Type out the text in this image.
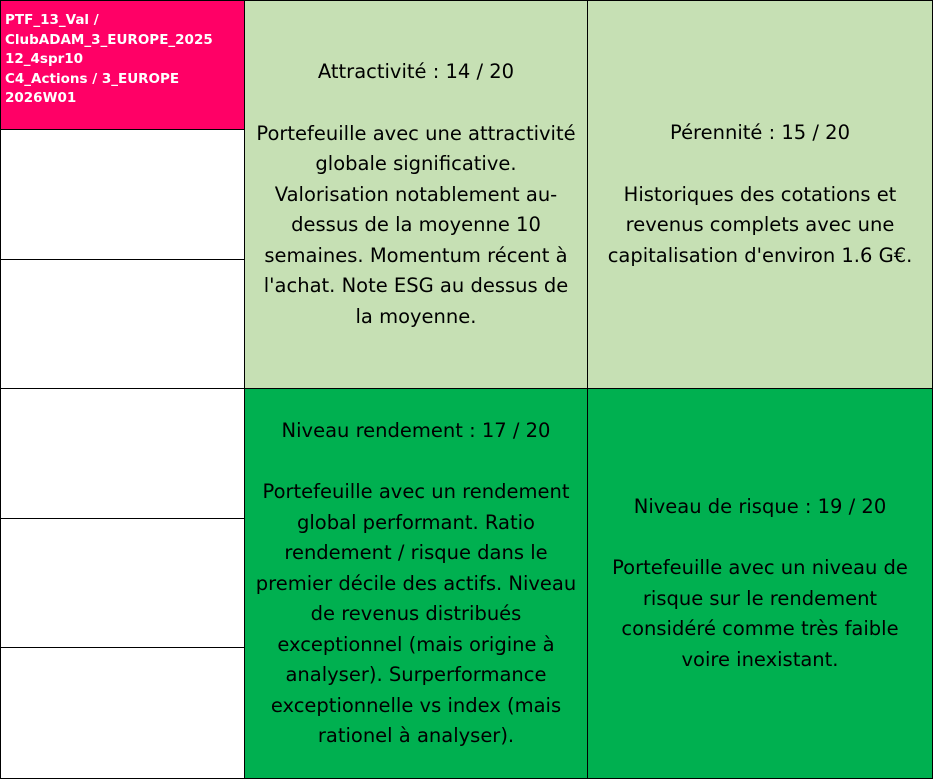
PTF_13_Val /
ClubADAM_3_EUROPE_2025
12_4spr10
C4_Actions / 3_EUROPE
2026W01
Attractivité : 14 / 20
Portefeuille avec une attractivité globale significative. Valorisation notablement au-dessus de la moyenne 10 semaines. Momentum récent à l'achat. Note ESG au dessus de la moyenne.
Pérennité : 15 / 20
Historiques des cotations et revenus complets avec une capitalisation d'environ 1.6 G€.
Niveau rendement : 17 / 20
Portefeuille avec un rendement global performant. Ratio rendement / risque dans le premier décile des actifs. Niveau de revenus distribués exceptionnel (mais origine à analyser). Surperformance exceptionnelle vs index (mais rationel à analyser).
Niveau de risque : 19 / 20
Portefeuille avec un niveau de risque sur le rendement considéré comme très faible voire inexistant.
